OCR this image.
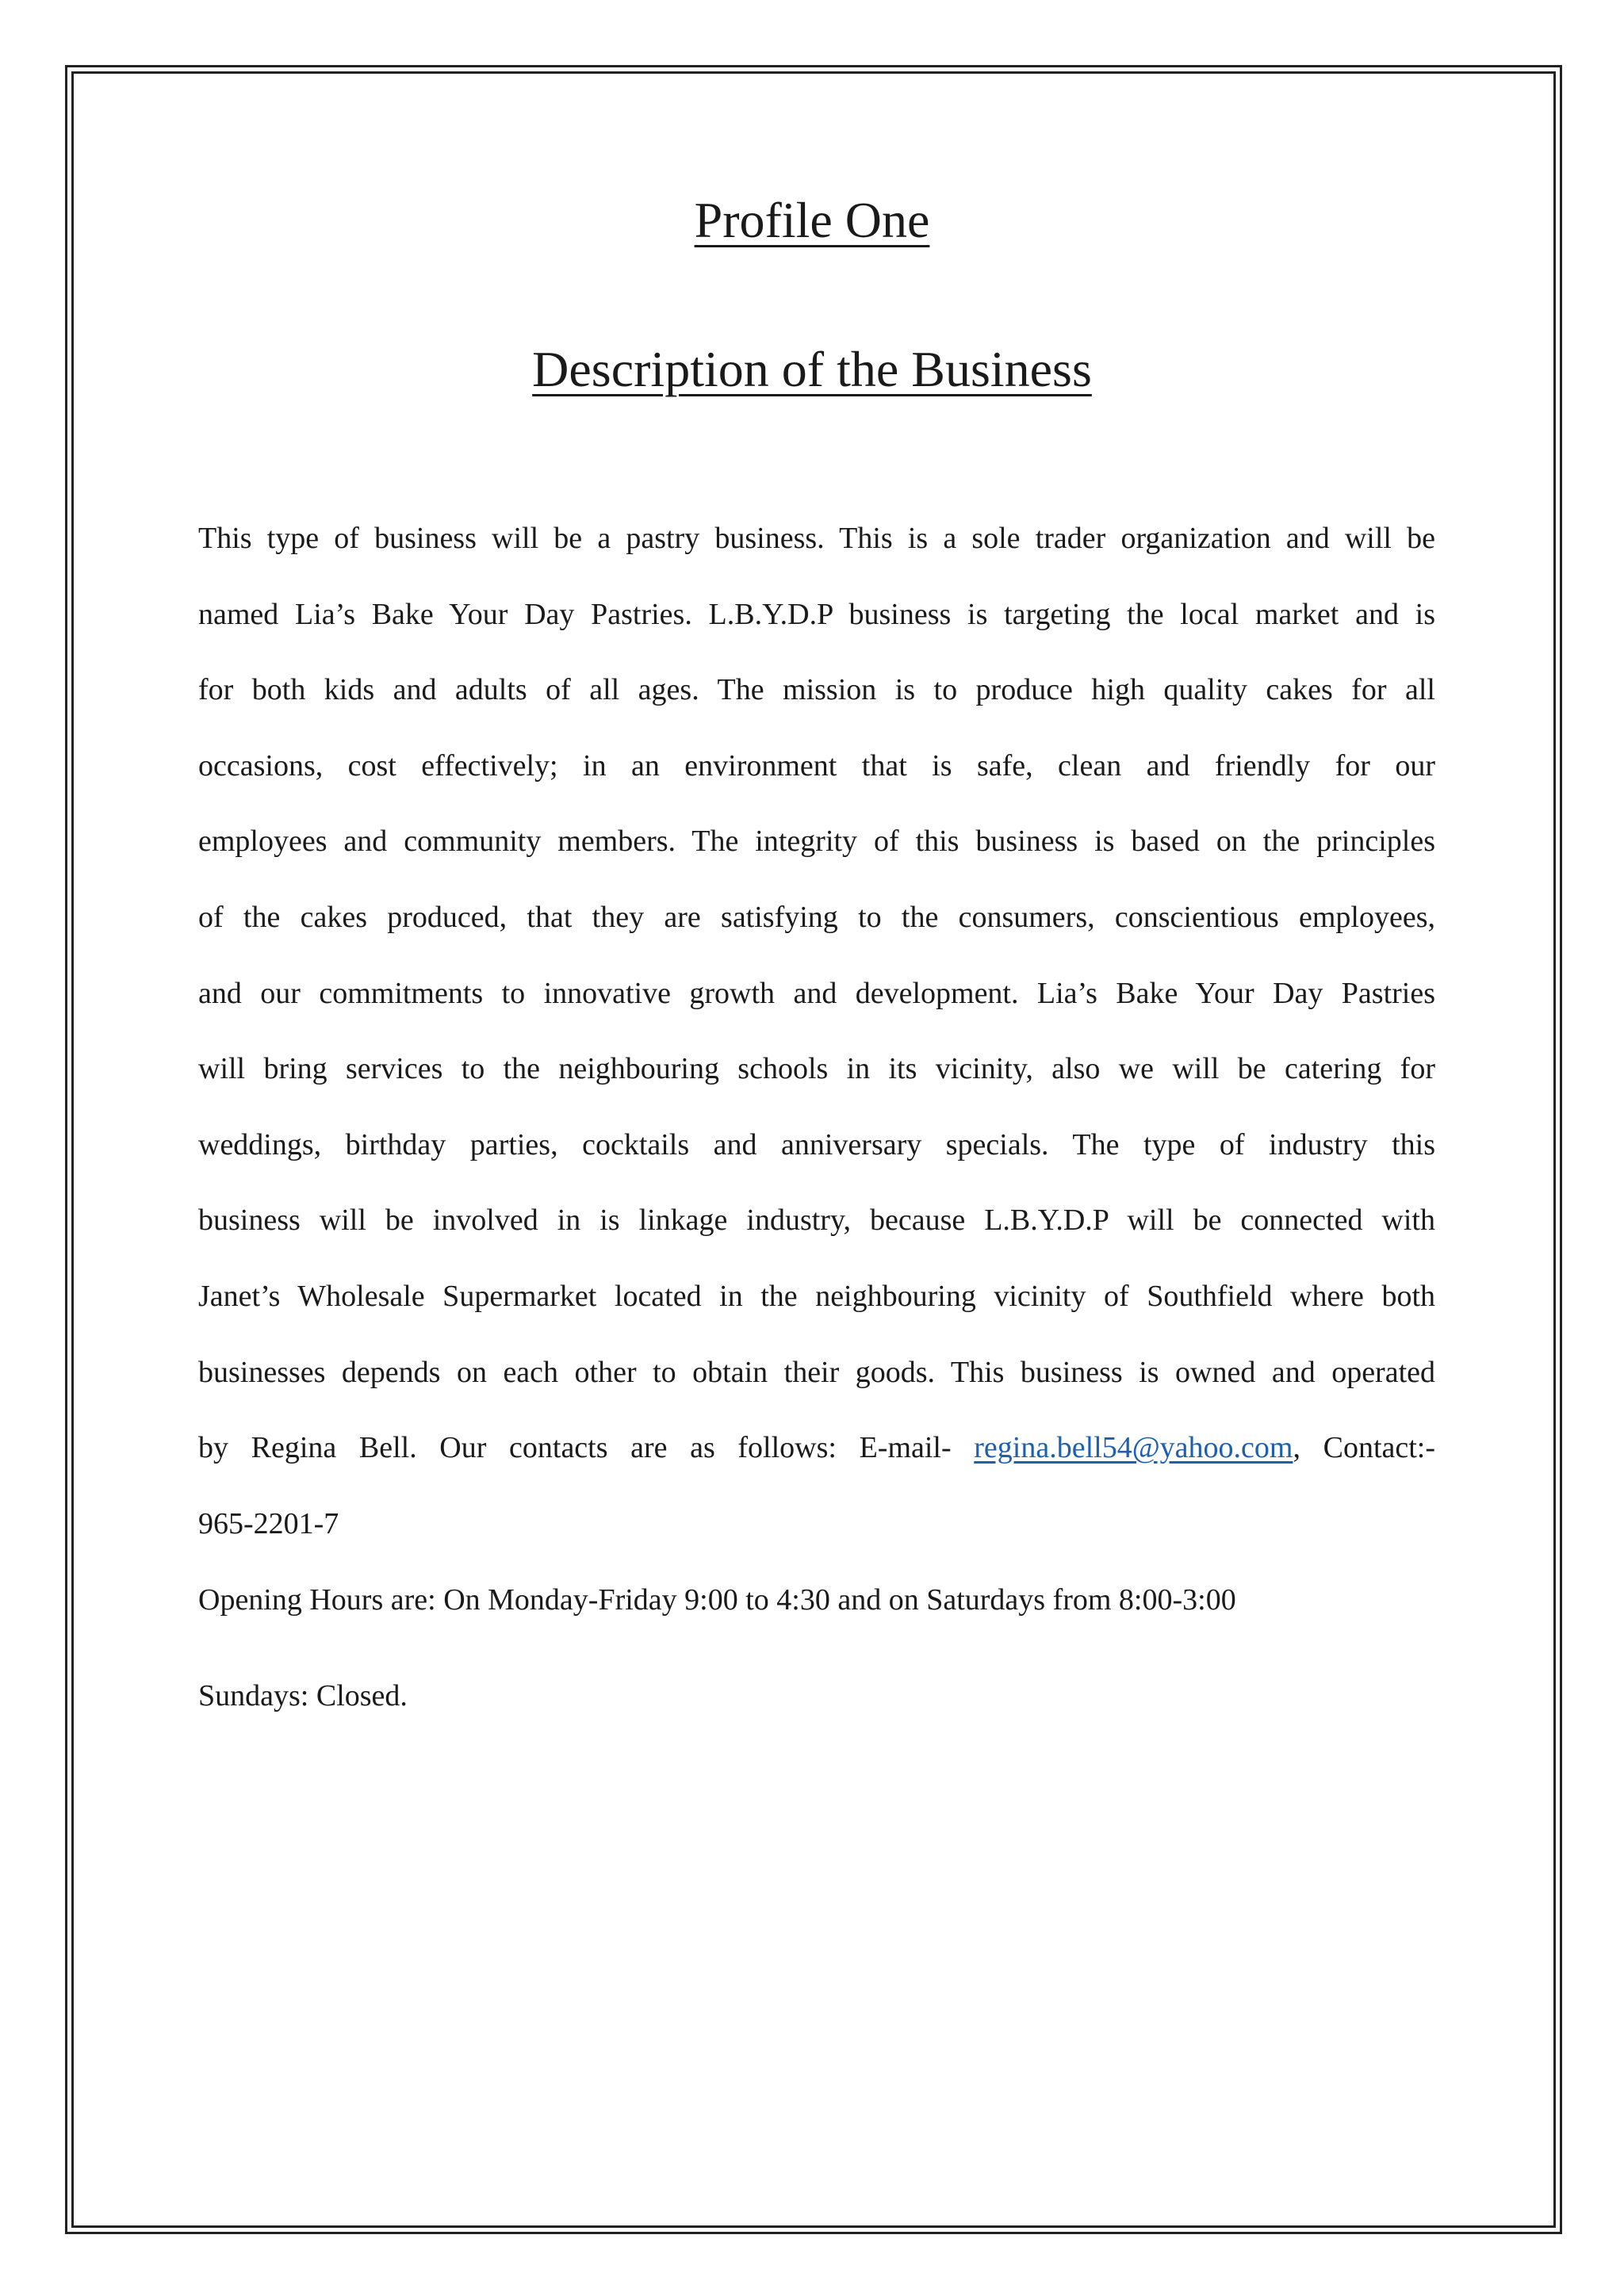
Profile One
Description of the Business
This type of business will be a pastry business. This is a sole trader organization and will be
named Lia’s Bake Your Day Pastries. L.B.Y.D.P business is targeting the local market and is
for both kids and adults of all ages. The mission is to produce high quality cakes for all
occasions, cost effectively; in an environment that is safe, clean and friendly for our
employees and community members. The integrity of this business is based on the principles
of the cakes produced, that they are satisfying to the consumers, conscientious employees,
and our commitments to innovative growth and development. Lia’s Bake Your Day Pastries
will bring services to the neighbouring schools in its vicinity, also we will be catering for
weddings, birthday parties, cocktails and anniversary specials. The type of industry this
business will be involved in is linkage industry, because L.B.Y.D.P will be connected with
Janet’s Wholesale Supermarket located in the neighbouring vicinity of Southfield where both
businesses depends on each other to obtain their goods. This business is owned and operated
by Regina Bell. Our contacts are as follows: E-mail- regina.bell54@yahoo.com, Contact:-
965-2201-7

Opening Hours are: On Monday-Friday 9:00 to 4:30 and on Saturdays from 8:00-3:00

Sundays: Closed.
